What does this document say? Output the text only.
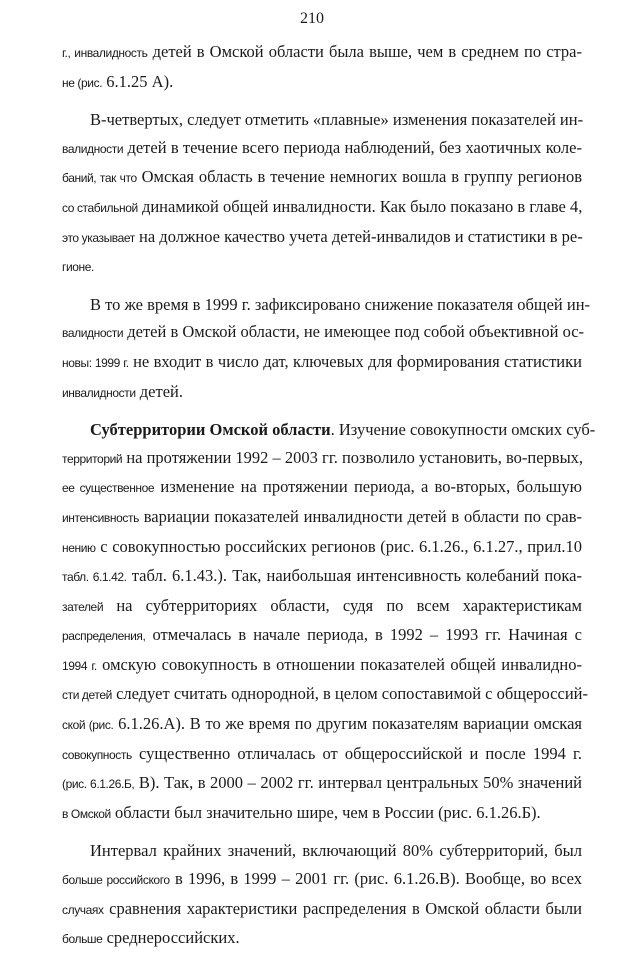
210
г., инвалидность детей в Омской области была выше, чем в среднем по стра-
не (рис. 6.1.25 А).
В-четвертых, следует отметить «плавные» изменения показателей ин-
валидности детей в течение всего периода наблюдений, без хаотичных коле-
баний, так что Омская область в течение немногих вошла в группу регионов
со стабильной динамикой общей инвалидности. Как было показано в главе 4,
это указывает на должное качество учета детей-инвалидов и статистики в ре-
гионе.
В то же время в 1999 г. зафиксировано снижение показателя общей ин-
валидности детей в Омской области, не имеющее под собой объективной ос-
новы: 1999 г. не входит в число дат, ключевых для формирования статистики
инвалидности детей.
Субтерритории Омской области. Изучение совокупности омских суб-
территорий на протяжении 1992 – 2003 гг. позволило установить, во-первых,
ее существенное изменение на протяжении периода, а во-вторых, большую
интенсивность вариации показателей инвалидности детей в области по срав-
нению с совокупностью российских регионов (рис. 6.1.26., 6.1.27., прил.10
табл. 6.1.42. табл. 6.1.43.). Так, наибольшая интенсивность колебаний пока-
зателей на субтерриториях области, судя по всем характеристикам
распределения, отмечалась в начале периода, в 1992 – 1993 гг. Начиная с
1994 г. омскую совокупность в отношении показателей общей инвалидно-
сти детей следует считать однородной, в целом сопоставимой с общероссий-
ской (рис. 6.1.26.А). В то же время по другим показателям вариации омская
совокупность существенно отличалась от общероссийской и после 1994 г.
(рис. 6.1.26.Б, В). Так, в 2000 – 2002 гг. интервал центральных 50% значений
в Омской области был значительно шире, чем в России (рис. 6.1.26.Б).
Интервал крайних значений, включающий 80% субтерриторий, был
больше российского в 1996, в 1999 – 2001 гг. (рис. 6.1.26.В). Вообще, во всех
случаях сравнения характеристики распределения в Омской области были
больше среднероссийских.
